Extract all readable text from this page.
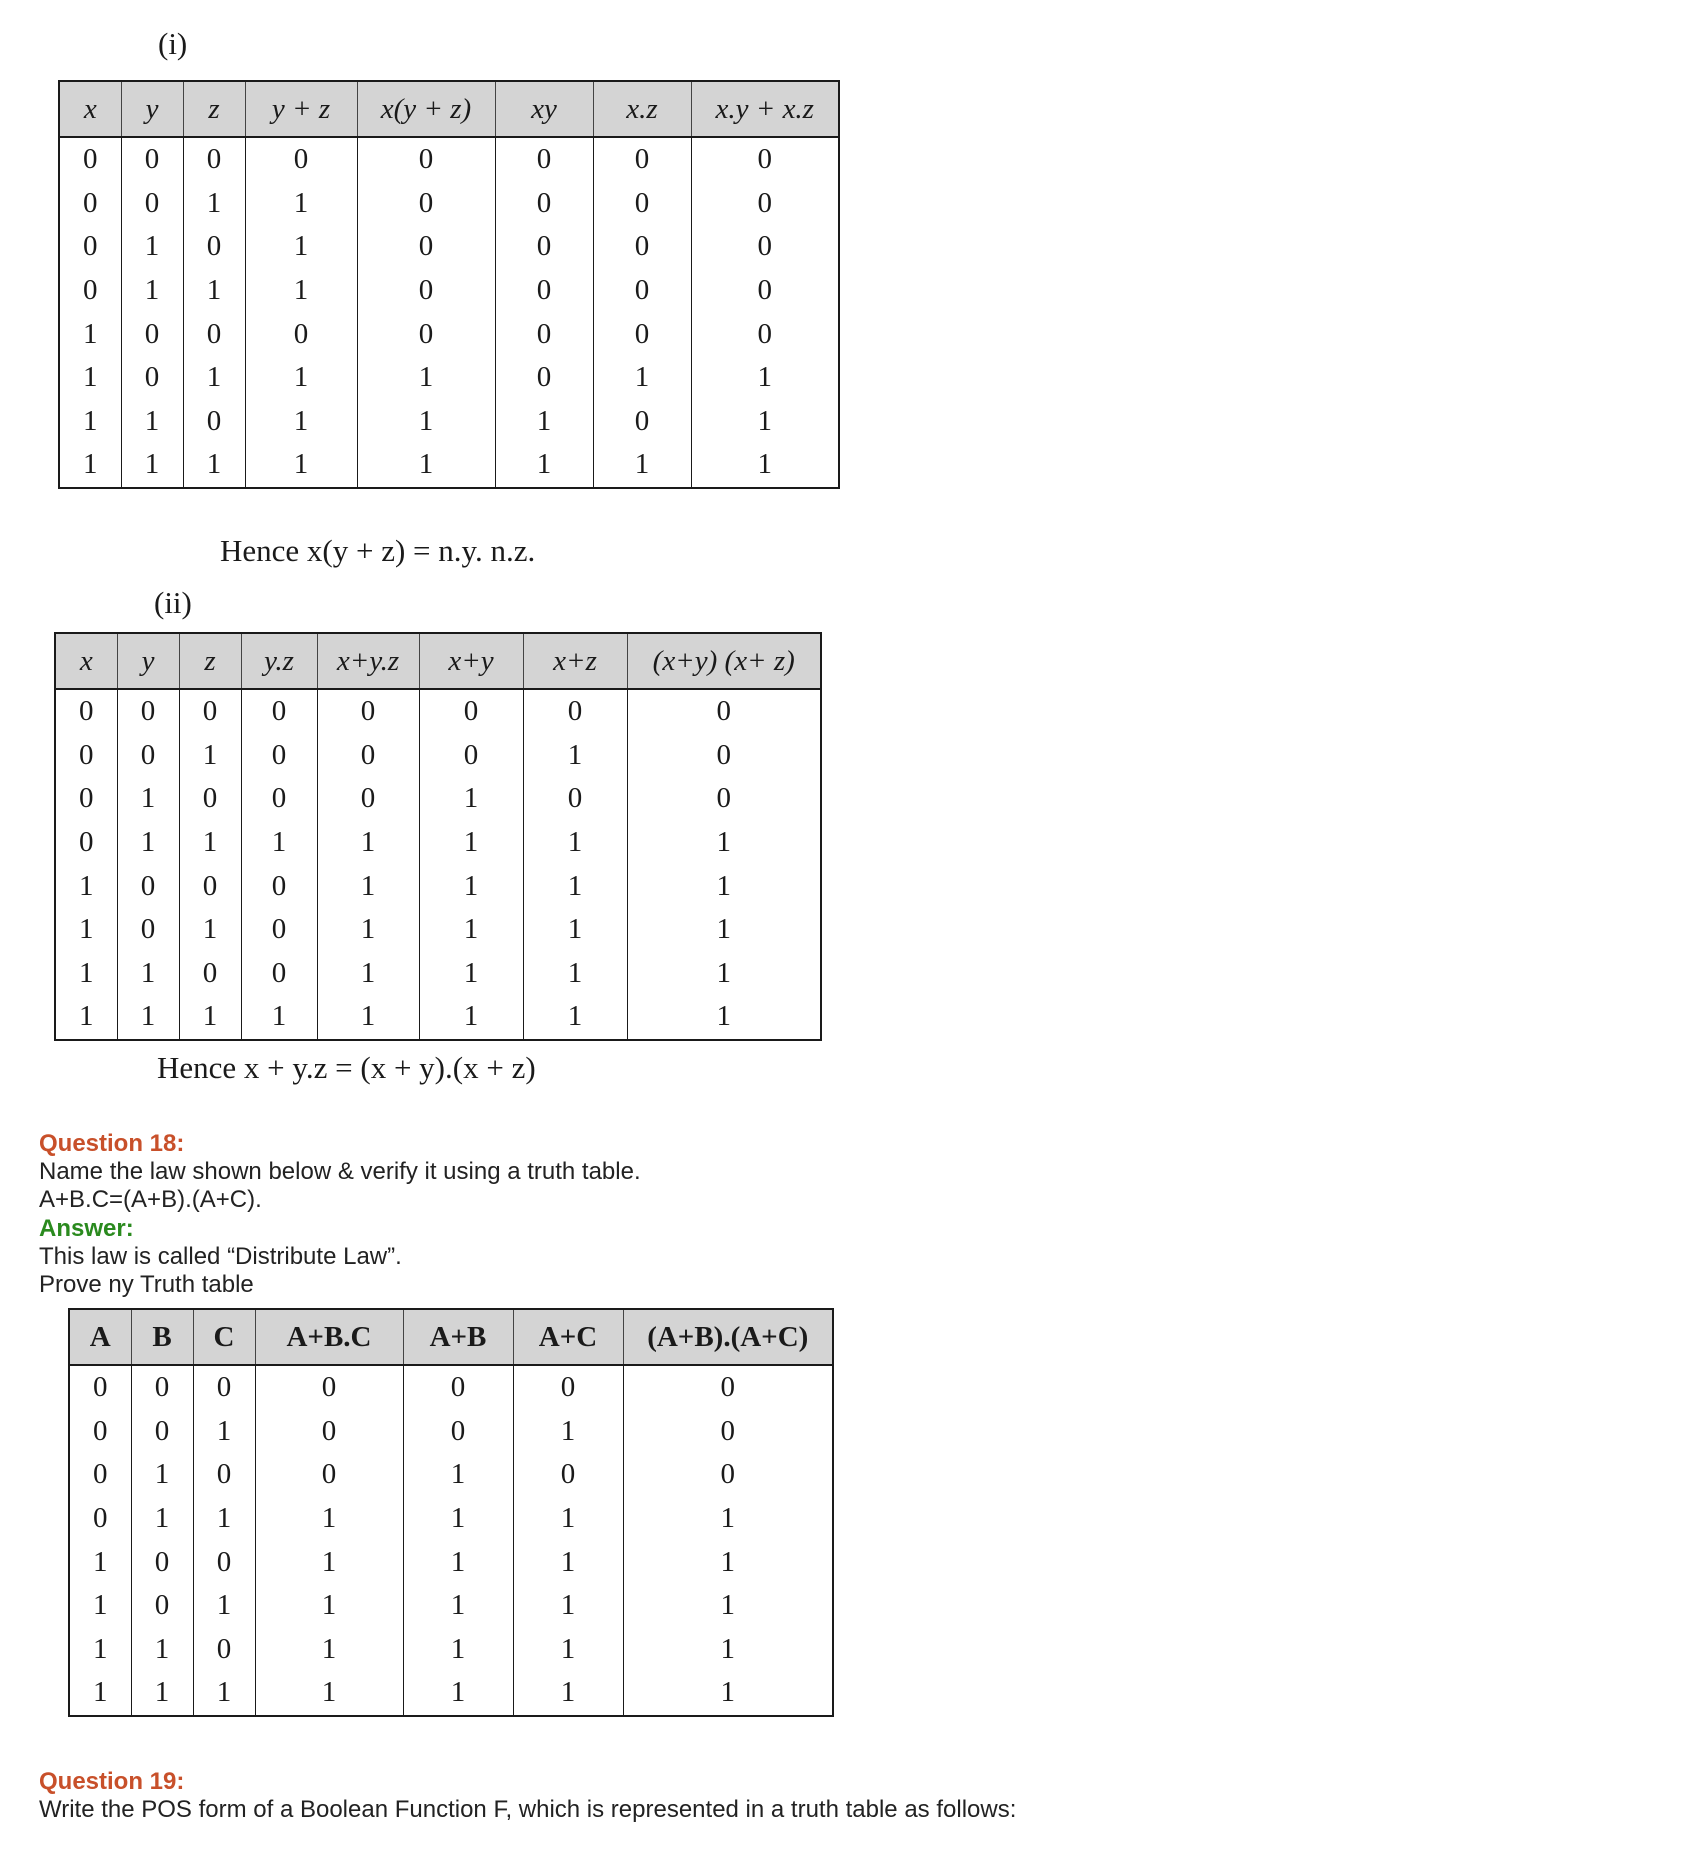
(i)
x	y	z	y + z	x(y + z)	xy	x.z	x.y + x.z
0	0	0	0	0	0	0	0
0	0	1	1	0	0	0	0
0	1	0	1	0	0	0	0
0	1	1	1	0	0	0	0
1	0	0	0	0	0	0	0
1	0	1	1	1	0	1	1
1	1	0	1	1	1	0	1
1	1	1	1	1	1	1	1
Hence x(y + z) = n.y. n.z.
(ii)
x	y	z	y.z	x+y.z	x+y	x+z	(x+y) (x+ z)
0	0	0	0	0	0	0	0
0	0	1	0	0	0	1	0
0	1	0	0	0	1	0	0
0	1	1	1	1	1	1	1
1	0	0	0	1	1	1	1
1	0	1	0	1	1	1	1
1	1	0	0	1	1	1	1
1	1	1	1	1	1	1	1
Hence x + y.z = (x + y).(x + z)
Question 18:
Name the law shown below & verify it using a truth table.
A+B.C=(A+B).(A+C).
Answer:
This law is called “Distribute Law”.
Prove ny Truth table
A	B	C	A+B.C	A+B	A+C	(A+B).(A+C)
0	0	0	0	0	0	0
0	0	1	0	0	1	0
0	1	0	0	1	0	0
0	1	1	1	1	1	1
1	0	0	1	1	1	1
1	0	1	1	1	1	1
1	1	0	1	1	1	1
1	1	1	1	1	1	1
Question 19:
Write the POS form of a Boolean Function F, which is represented in a truth table as follows:
